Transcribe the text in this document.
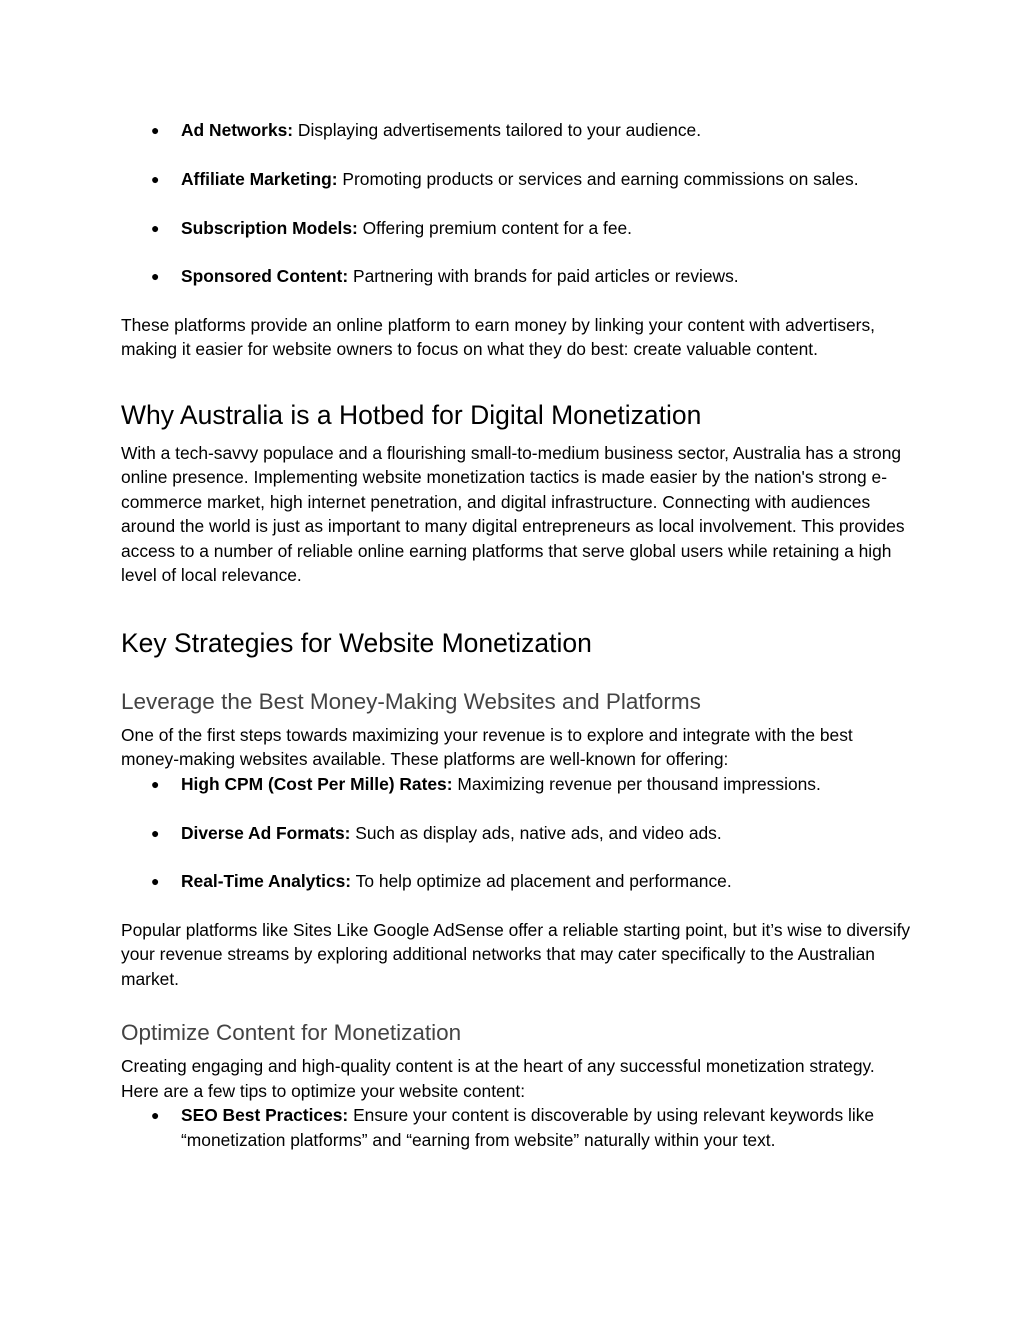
● Ad Networks: Displaying advertisements tailored to your audience.
● Affiliate Marketing: Promoting products or services and earning commissions on sales.
● Subscription Models: Offering premium content for a fee.
● Sponsored Content: Partnering with brands for paid articles or reviews.

These platforms provide an online platform to earn money by linking your content with advertisers, making it easier for website owners to focus on what they do best: create valuable content.

Why Australia is a Hotbed for Digital Monetization

With a tech-savvy populace and a flourishing small-to-medium business sector, Australia has a strong online presence. Implementing website monetization tactics is made easier by the nation's strong e-commerce market, high internet penetration, and digital infrastructure. Connecting with audiences around the world is just as important to many digital entrepreneurs as local involvement. This provides access to a number of reliable online earning platforms that serve global users while retaining a high level of local relevance.

Key Strategies for Website Monetization
Leverage the Best Money-Making Websites and Platforms

One of the first steps towards maximizing your revenue is to explore and integrate with the best money-making websites available. These platforms are well-known for offering:

● High CPM (Cost Per Mille) Rates: Maximizing revenue per thousand impressions.
● Diverse Ad Formats: Such as display ads, native ads, and video ads.
● Real-Time Analytics: To help optimize ad placement and performance.

Popular platforms like Sites Like Google AdSense offer a reliable starting point, but it’s wise to diversify your revenue streams by exploring additional networks that may cater specifically to the Australian market.

Optimize Content for Monetization

Creating engaging and high-quality content is at the heart of any successful monetization strategy. Here are a few tips to optimize your website content:

● SEO Best Practices: Ensure your content is discoverable by using relevant keywords like “monetization platforms” and “earning from website” naturally within your text.
